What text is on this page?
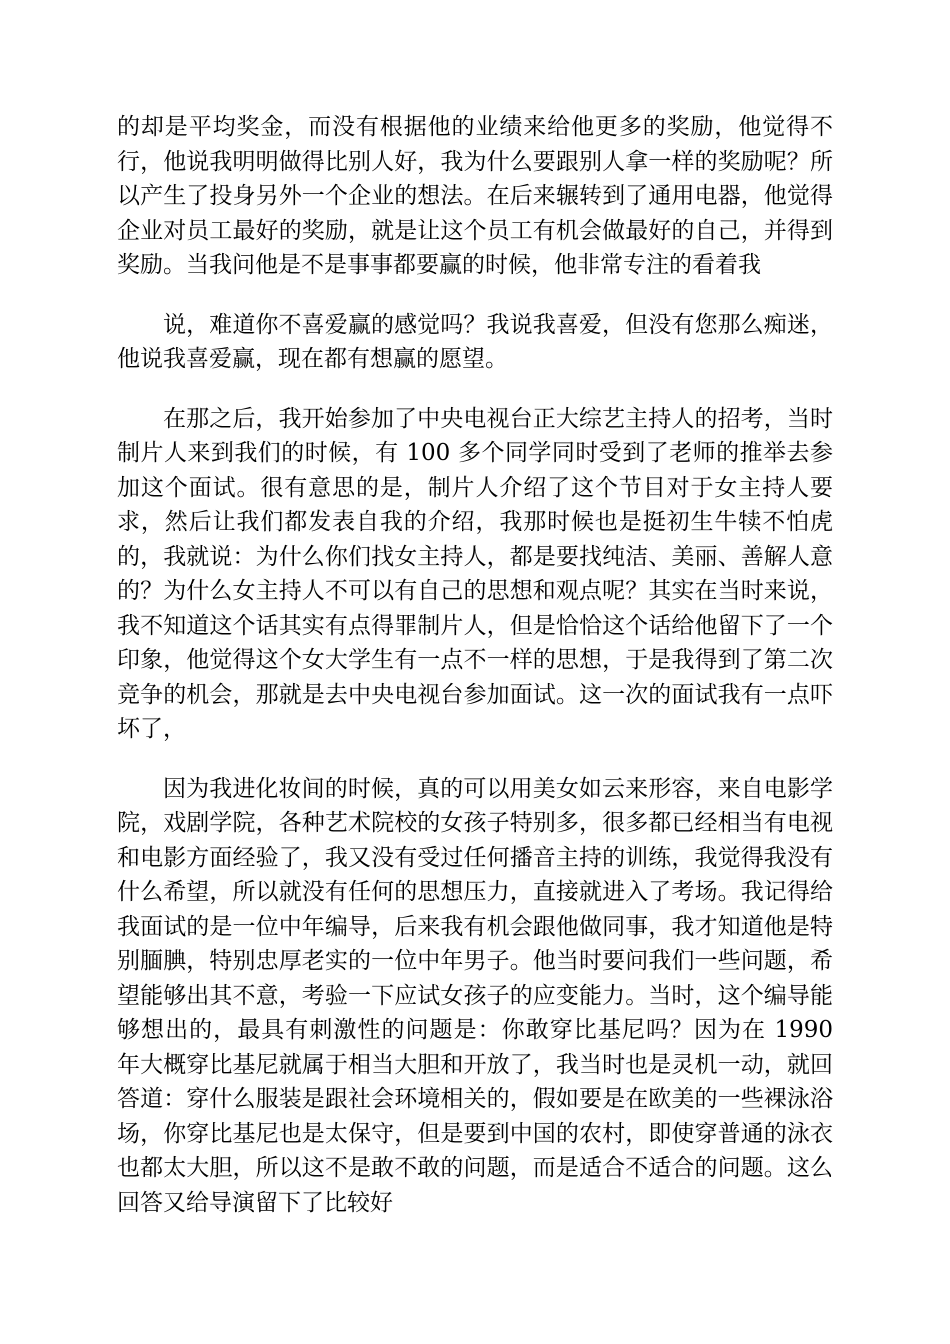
的却是平均奖金，而没有根据他的业绩来给他更多的奖励，他觉得不行，他说我明明做得比别人好，我为什么要跟别人拿一样的奖励呢？所以产生了投身另外一个企业的想法。在后来辗转到了通用电器，他觉得企业对员工最好的奖励，就是让这个员工有机会做最好的自己，并得到奖励。当我问他是不是事事都要赢的时候，他非常专注的看着我

说，难道你不喜爱赢的感觉吗？我说我喜爱，但没有您那么痴迷，他说我喜爱赢，现在都有想赢的愿望。

在那之后，我开始参加了中央电视台正大综艺主持人的招考，当时制片人来到我们的时候，有 100 多个同学同时受到了老师的推举去参加这个面试。很有意思的是，制片人介绍了这个节目对于女主持人要求，然后让我们都发表自我的介绍，我那时候也是挺初生牛犊不怕虎的，我就说：为什么你们找女主持人，都是要找纯洁、美丽、善解人意的？为什么女主持人不可以有自己的思想和观点呢？其实在当时来说，我不知道这个话其实有点得罪制片人，但是恰恰这个话给他留下了一个印象，他觉得这个女大学生有一点不一样的思想，于是我得到了第二次竞争的机会，那就是去中央电视台参加面试。这一次的面试我有一点吓坏了，

因为我进化妆间的时候，真的可以用美女如云来形容，来自电影学院，戏剧学院，各种艺术院校的女孩子特别多，很多都已经相当有电视和电影方面经验了，我又没有受过任何播音主持的训练，我觉得我没有什么希望，所以就没有任何的思想压力，直接就进入了考场。我记得给我面试的是一位中年编导，后来我有机会跟他做同事，我才知道他是特别腼腆，特别忠厚老实的一位中年男子。他当时要问我们一些问题，希望能够出其不意，考验一下应试女孩子的应变能力。当时，这个编导能够想出的，最具有刺激性的问题是：你敢穿比基尼吗？因为在 1990 年大概穿比基尼就属于相当大胆和开放了，我当时也是灵机一动，就回答道：穿什么服装是跟社会环境相关的，假如要是在欧美的一些裸泳浴场，你穿比基尼也是太保守，但是要到中国的农村，即使穿普通的泳衣也都太大胆，所以这不是敢不敢的问题，而是适合不适合的问题。这么回答又给导演留下了比较好
